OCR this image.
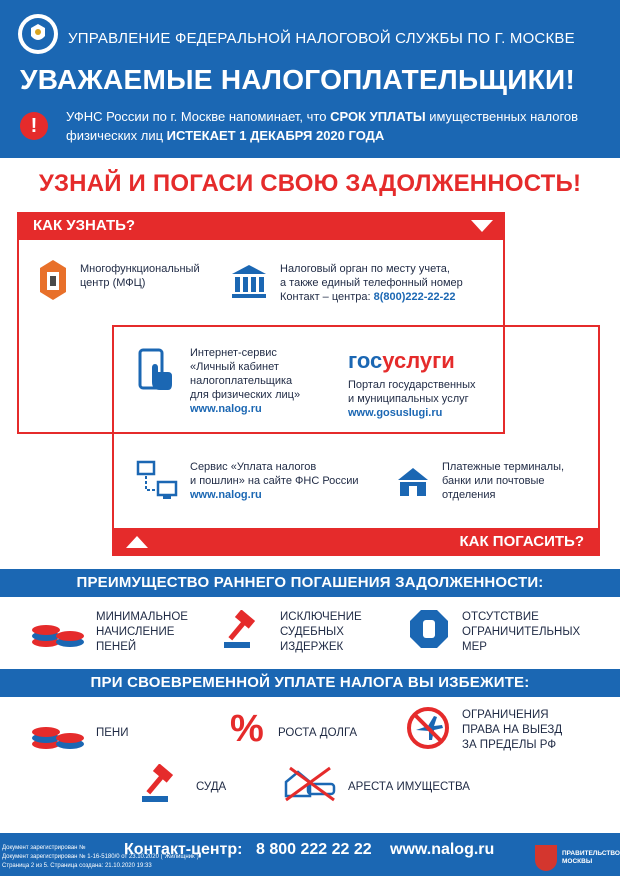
УПРАВЛЕНИЕ ФЕДЕРАЛЬНОЙ НАЛОГОВОЙ СЛУЖБЫ ПО Г. МОСКВЕ
УВАЖАЕМЫЕ НАЛОГОПЛАТЕЛЬЩИКИ!
!	УФНС России по г. Москве напоминает, что СРОК УПЛАТЫ имущественных налогов физических лиц ИСТЕКАЕТ 1 ДЕКАБРЯ 2020 ГОДА
УЗНАЙ И ПОГАСИ СВОЮ ЗАДОЛЖЕННОСТЬ!
КАК УЗНАТЬ?
Многофункциональный
центр (МФЦ)
Налоговый орган по месту учета,
а также единый телефонный номер
Контакт – центра: 8(800)222-22-22
Интернет-сервис
«Личный кабинет
налогоплательщика
для физических лиц»
www.nalog.ru
госуслуги
Портал государственных
и муниципальных услуг
www.gosuslugi.ru
Сервис «Уплата налогов
и пошлин» на сайте ФНС России
www.nalog.ru
Платежные терминалы,
банки или почтовые
отделения
КАК ПОГАСИТЬ?
ПРЕИМУЩЕСТВО РАННЕГО ПОГАШЕНИЯ ЗАДОЛЖЕННОСТИ:
МИНИМАЛЬНОЕ
НАЧИСЛЕНИЕ
ПЕНЕЙ
ИСКЛЮЧЕНИЕ
СУДЕБНЫХ
ИЗДЕРЖЕК
ОТСУТСТВИЕ
ОГРАНИЧИТЕЛЬНЫХ
МЕР
ПРИ СВОЕВРЕМЕННОЙ УПЛАТЕ НАЛОГА ВЫ ИЗБЕЖИТЕ:
ПЕНИ	% РОСТА ДОЛГА
ОГРАНИЧЕНИЯ
ПРАВА НА ВЫЕЗД
ЗА ПРЕДЕЛЫ РФ
СУДА	АРЕСТА ИМУЩЕСТВА
Контакт-центр: 8 800 222 22 22 www.nalog.ru
Документ зарегистрирован №
Документ зарегистрирован № 1-16-5180/0 от 23.10.2020 ("Жилищник")
Страница 2 из 5. Страница создана: 21.10.2020 19:33
ПРАВИТЕЛЬСТВО
МОСКВЫ
